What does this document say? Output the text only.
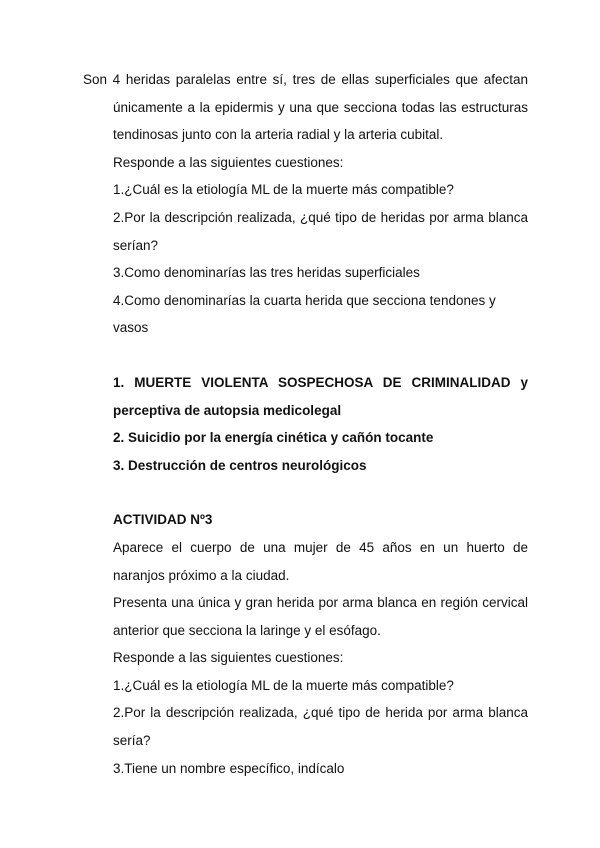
Son 4 heridas paralelas entre sí, tres de ellas superficiales que afectan únicamente a la epidermis y una que secciona todas las estructuras tendinosas junto con la arteria radial y la arteria cubital.

Responde a las siguientes cuestiones:

1.¿Cuál es la etiología ML de la muerte más compatible?

2.Por la descripción realizada, ¿qué tipo de heridas por arma blanca serían?

3.Como denominarías las tres heridas superficiales

4.Como denominarías la cuarta herida que secciona tendones y vasos

1. MUERTE VIOLENTA SOSPECHOSA DE CRIMINALIDAD y perceptiva de autopsia medicolegal

2. Suicidio por la energía cinética y cañón tocante

3. Destrucción de centros neurológicos

ACTIVIDAD Nº3

Aparece el cuerpo de una mujer de 45 años en un huerto de naranjos próximo a la ciudad.

Presenta una única y gran herida por arma blanca en región cervical anterior que secciona la laringe y el esófago.

Responde a las siguientes cuestiones:

1.¿Cuál es la etiología ML de la muerte más compatible?

2.Por la descripción realizada, ¿qué tipo de herida por arma blanca sería?

3.Tiene un nombre específico, indícalo
